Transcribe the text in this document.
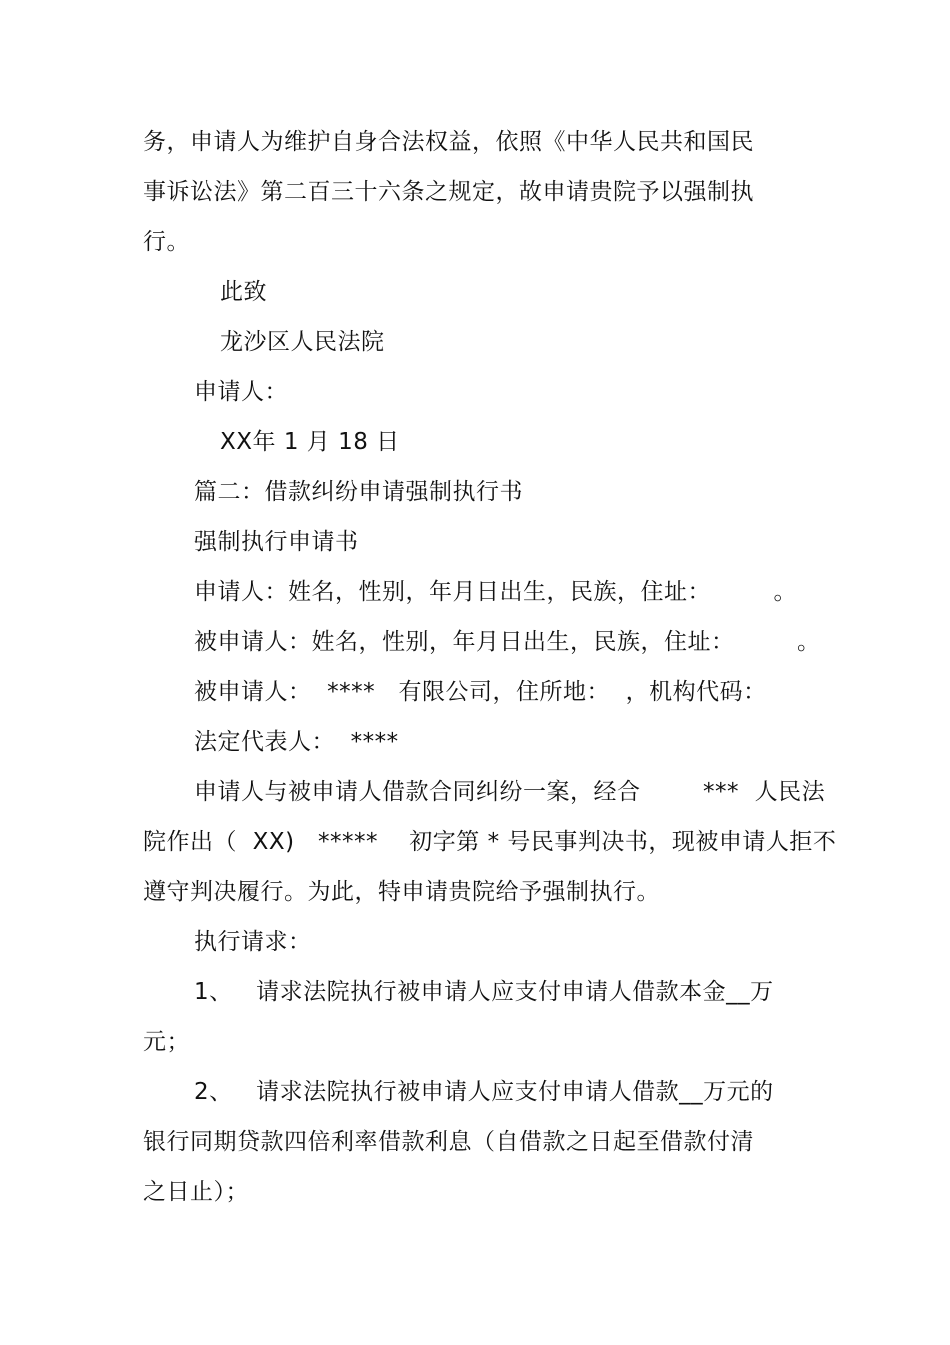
务，申请人为维护自身合法权益，依照《中华人民共和国民
事诉讼法》第二百三十六条之规定，故申请贵院予以强制执
行。
此致
龙沙区人民法院
申请人：
XX年 1 月 18 日
篇二：借款纠纷申请强制执行书
强制执行申请书
申请人：姓名，性别，年月日出生，民族，住址：        。
被申请人：姓名，性别，年月日出生，民族，住址：        。
被申请人：  ****   有限公司，住所地：  ，机构代码：
法定代表人：  ****
申请人与被申请人借款合同纠纷一案，经合        ***  人民法
院作出（  XX)   *****    初字第 * 号民事判决书，现被申请人拒不
遵守判决履行。为此，特申请贵院给予强制执行。
执行请求：
1、   请求法院执行被申请人应支付申请人借款本金__万
元；
2、   请求法院执行被申请人应支付申请人借款__万元的
银行同期贷款四倍利率借款利息（自借款之日起至借款付清
之日止）；
